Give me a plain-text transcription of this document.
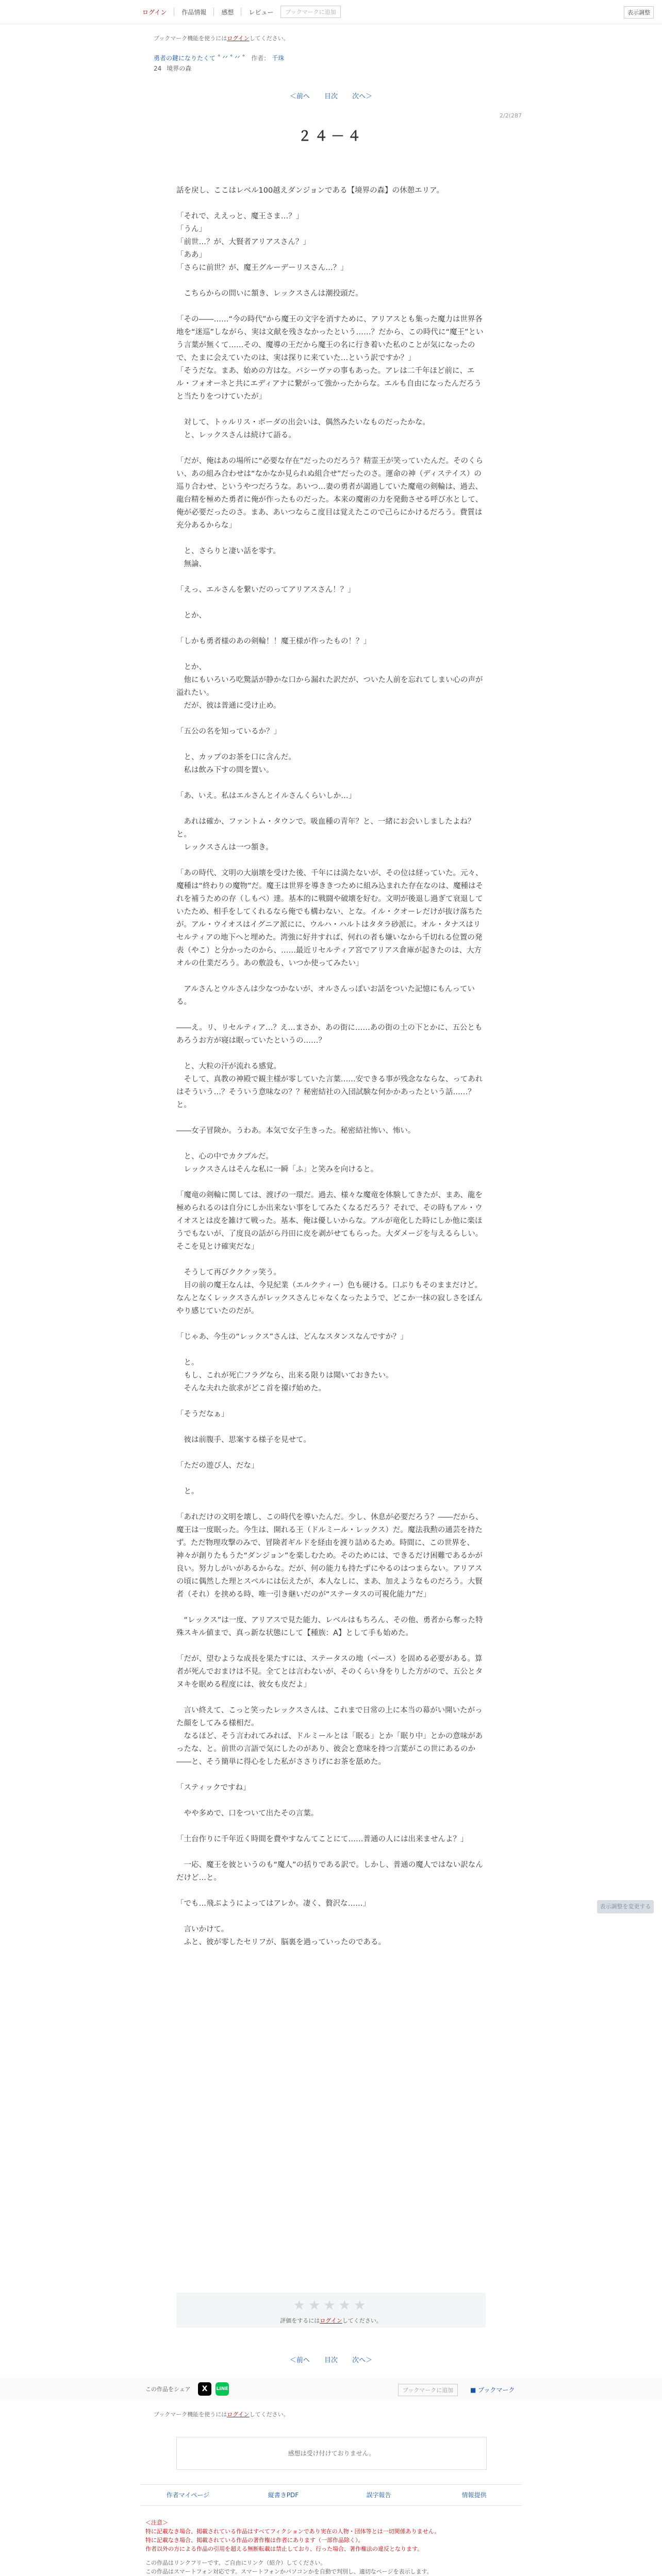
ログイン	作品情報	感想	レビュー	ブックマークに追加	表示調整
ブックマーク機能を使うにはログインしてください。
勇者の鍵になりたくて ˚ ᐟᐟ ˚ ᐟᐟ ˚ 作者： 千珠
24 境界の森
＜前へ 目次 次へ＞
2/2(287
２４－４

話を戻し、ここはレベル100越えダンジョンである【境界の森】の休憩エリア。

「それで、ええっと、魔王さま…？」

「うん」

「前世…？が、大賢者アリアスさん？」

「ああ」

「さらに前世？が、魔王グルーデーリスさん…？」

　こちらからの問いに頷き、レックスさんは潮投頭だ。

「その――……“今の時代”から魔王の文字を消すために、アリアスとも集った魔力は世界各地を“迷巡”しながら、実は文献を残さなかったという……？だから、この時代に“魔王”という言葉が無くて……その、魔導の王だから魔王の名に行き着いた私のことが気になったので、たまに会えていたのは、実は探りに来ていた…という訳ですか？」

「そうだな。まあ、始めの方はな。バシーヴァの事もあった。アレは二千年ほど前に、エル・フォオーネと共にエディアナに繋がって強かったからな。エルも自由になったんだろうと当たりをつけていたが」

　対して、トゥルリス・ボーダの出会いは、偶然みたいなものだったかな。

　と、レックスさんは続けて語る。

「だが、俺はあの場所に“必要な存在”だったのだろう？精霊王が笑っていたんだ。そのくらい、あの組み合わせは“なかなか見られぬ組合せ”だったのさ。運命の神（ディステイス）の巡り合わせ、というやつだろうな。あいつ…妻の勇者が謁過していた魔竜の剣輪は、過去、龍台精を極めた勇者に俺が作ったものだった。本来の魔術の力を発動させる呼び水として、俺が必要だったのさ。まあ、あいつならこ度目は覚えたこので己らにかけるだろう。費質は充分あるからな」

　と、さらりと凄い話を零す。

　無論、

「えっ、エルさんを繋いだのってアリアスさん！？」

　とか、

「しかも勇者様のあの剣輪！！魔王様が作ったもの！？」

　とか、

　他にもいろいろ吃驚話が静かな口から漏れた訳だが、ついた人前を忘れてしまい心の声が溢れたい。

　だが、彼は普通に受け止め。

「五公の名を知っているか？」

　と、カップのお茶を口に含んだ。

　私は飲み下すの間を置い。

「あ、いえ。私はエルさんとイルさんくらいしか…」

　あれは確か、ファントム・タウンで。吸血種の青年？と、一緒にお会いしましたよね？と。

　レックスさんは一つ頷き。

「あの時代、文明の大崩壊を受けた後、千年には満たないが、その位は経っていた。元々、魔種は“終わりの魔物”だ。魔王は世界を導ききつために組み込まれた存在なのは、魔種はそれを補うための存（しもべ）達。基本的に戦闘や破壊を好む。文明が後退し過ぎて衰退していたため、相手をしてくれるなら俺でも構わない、とな。イル・クオーレだけが抜け落ちたが。アル・ウイオスはイグニア派にに、ウルハ・ハルトはタタラ砂派に。オル・タナスはリセルティアの地下へと埋めた。湾強に好井すれば、何れの者も嫌いなから千切れる位置の発表（やこ）と分かったのから、……最近リセルティア宮でアリアス倉庫が起きたのは、大方オルの仕業だろう。あの敷設も、いつか使ってみたい」

　アルさんとウルさんは少なつかないが、オルさんっぽいお話をついた記憶にもんっている。

――え。リ、リセルティア…？え…まさか、あの街に……あの街の土の下とかに、五公ともあろうお方が寝は眠っていたというの……？

　と、大粒の汗が流れる感覚。

　そして、真教の神殿で観主様が零していた言葉……安できる事が残念なならな、ってあれはそういう…？そういう意味なの？？秘密結社の入団試験な何かかあったという話……？と。

――女子冒険か。うわあ。本気で女子生きった。秘密結社怖い、怖い。

　と、心の中でカクブルだ。

　レックスさんはそんな私に一瞬「ふ」と笑みを向けると。

「魔竜の剣輪に関しては、渡げの一環だ。過去、様々な魔竜を体験してきたが、まあ、龍を極められるのは自分にしか出来ない事をしてみたくなるだろう？それで、その時もアル・ウイオスとは皮を雑けて戦った。基本、俺は優しいからな。アルが竜化した時にしか他に楽ほうでもないが、了度良の話がら丹田に皮を剥がせてもらった。大ダメージを与えるらしい。そこを見とけ確実だな」

　そうして再びクククッ笑う。

　目の前の魔王なんは、今見紀業（エルクティー）色も硬ける。口ぶりもそのままだけど。なんとなくレックスさんがレックスさんじゃなくなったようで、どこか一抹の寂しさをぼんやり感じていたのだが。

「じゃあ、今生の“レックス”さんは、どんなスタンスなんですか？」

　と。

　もし、これが死亡フラグなら、出来る限りは聞いておきたい。

　そんな夫れた欲求がどこ首を擡げ始めた。

「そうだなぁ」

　彼は前腹手、思案する様子を見せて。

「ただの遊び人、だな」

　と。

「あれだけの文明を壊し、この時代を導いたんだ。少し、休息が必要だろう？――だから、魔王は一度眠った。今生は、開れる王（ドルミール・レックス）だ。魔法我勲の通芸を持たず。ただ物理攻撃のみで、冒険者ギルドを経由を渡り詰めるため。時間に、この世界を、神々が創りたもうた“ダンジョン”を楽しむため。そのためには、できるだけ困難であるかが良い。努力しがいがあるからな。だが、何の能力も持たずにやるのはつまらない。アリアスの頃に偶然した理とスペルには伝えたが、本人なしに、まあ、加えようなものだろう。大賢者（それ）を挟める時、唯一引き継いだのが“ステータスの可視化能力”だ」

　“レックス”は一度、アリアスで見た能力、レベルはもちろん、その他、勇者から奪った特殊スキル値まで、真っ新な状態にして【種族：A】として手も始めた。

「だが、望むような成長を果たすには、ステータスの地（ベース）を固める必要がある。算者が死んでおまけは不見。全てとは言わないが、そのくらい身をりした方がので、五公とタヌキを眠める程度には、彼女も皮だよ」

　言い終えて、こっと笑ったレックスさんは、これまで日常の上に本当の幕がい開いたがった顔をしてみる様相だ。

　なるほど、そう言われてみれば、ドルミールとは「眠る」とか「眠り中」とかの意味があったな、と。前世の言語で気にしたのがあり、彼会と意味を持つ言葉がこの世にあるのか――と、そう簡単に得心をした私がささりげにお茶を舐めた。

「スティックですね」

　やや多めで、口をついて出たその言葉。

「土台作りに千年近く時間を費やすなんてことにて……普通の人には出来ませんよ？」

　一応、魔王を彼というのも“魔人”の括りである訳で。しかし、普通の魔人ではない訳なんだけど…と。

「でも…飛ぶようによってはアレか。凄く、贅沢な……」

　言いかけて。

　ふと、彼が零したセリフが、脳裏を過っていったのである。

表示調整を変更する
★★★★★
評価をするにはログインしてください。
＜前へ 目次 次へ＞
この作品をシェア	X	LINE	ブックマークに追加	■ ブックマーク
ブックマーク機能を使うにはログインしてください。
感想は受け付けておりません。
作者マイページ	縦書きPDF	誤字報告	情報提供

＜注意＞

特に記載なき場合、掲載されている作品はすべてフィクションであり実在の人物・団体等とは一切関係ありません。

特に記載なき場合、掲載されている作品の著作権は作者にあります（一部作品除く）。

作者以外の方による作品の引用を超える無断転載は禁止しており、行った場合、著作権法の違反となります。

この作品はリンクフリーです。ご自由にリンク（紹介）してください。

この作品はスマートフォン対応です。スマートフォンかパソコンかを自動で判別し、適切なページを表示します。
